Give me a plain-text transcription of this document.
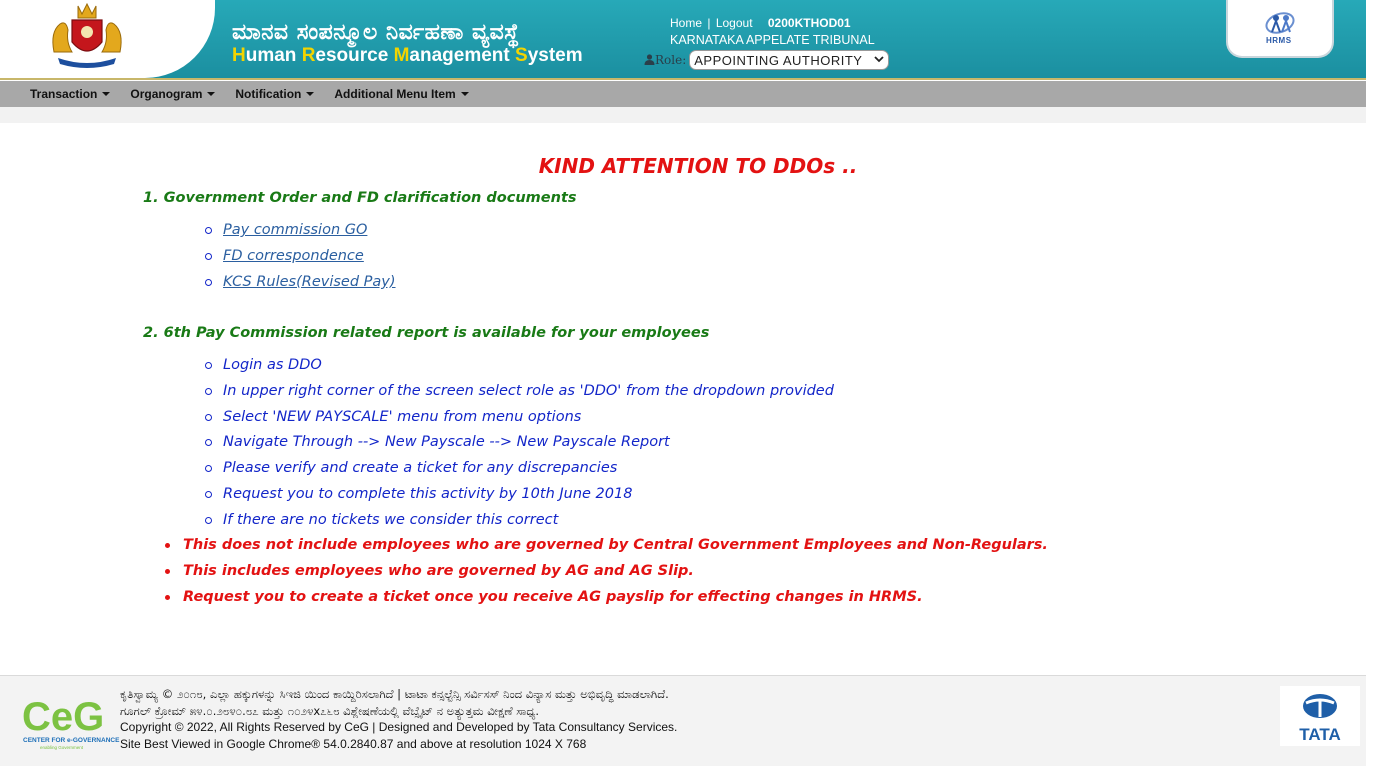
ಮಾನವ ಸಂಪನ್ಮೂಲ ನಿರ್ವಹಣಾ ವ್ಯವಸ್ಥೆ
Human Resource Management System
Home | Logout 0200KTHOD01
KARNATAKA APPELATE TRIBUNAL
Role: APPOINTING AUTHORITY
HRMS
Transaction	Organogram	Notification	Additional Menu Item
KIND ATTENTION TO DDOs ..
1. Government Order and FD clarification documents
Pay commission GO
FD correspondence
KCS Rules(Revised Pay)
2. 6th Pay Commission related report is available for your employees
Login as DDO
In upper right corner of the screen select role as 'DDO' from the dropdown provided
Select 'NEW PAYSCALE' menu from menu options
Navigate Through --> New Payscale --> New Payscale Report
Please verify and create a ticket for any discrepancies
Request you to complete this activity by 10th June 2018
If there are no tickets we consider this correct
This does not include employees who are governed by Central Government Employees and Non-Regulars.
This includes employees who are governed by AG and AG Slip.
Request you to create a ticket once you receive AG payslip for effecting changes in HRMS.
CeG
CENTER FOR e-GOVERNANCE
enabling Government
ಕೃತಿಸ್ವಾಮ್ಯ © ೨೦೧೮, ಎಲ್ಲಾ ಹಕ್ಕುಗಳನ್ನು ಸಿಇಜಿ ಯಿಂದ ಕಾಯ್ದಿರಿಸಲಾಗಿದೆ | ಟಾಟಾ ಕನ್ಸಲ್ಟೆನ್ಸಿ ಸರ್ವಿಸಸ್ ನಿಂದ ವಿನ್ಯಾಸ ಮತ್ತು ಅಭಿವೃದ್ಧಿ ಮಾಡಲಾಗಿದೆ.
ಗೂಗಲ್ ಕ್ರೋಮ್ ೫೪.೦.೨೮೪೦.೮೭ ಮತ್ತು ೧೦೨೪x೭೬೮ ವಿಶ್ಲೇಷಣೆಯಲ್ಲಿ ವೆಬ್ಸೈಟ್ ನ ಅತ್ಯುತ್ತಮ ವೀಕ್ಷಣೆ ಸಾಧ್ಯ.
Copyright © 2022, All Rights Reserved by CeG | Designed and Developed by Tata Consultancy Services.
Site Best Viewed in Google Chrome® 54.0.2840.87 and above at resolution 1024 X 768	TATA
